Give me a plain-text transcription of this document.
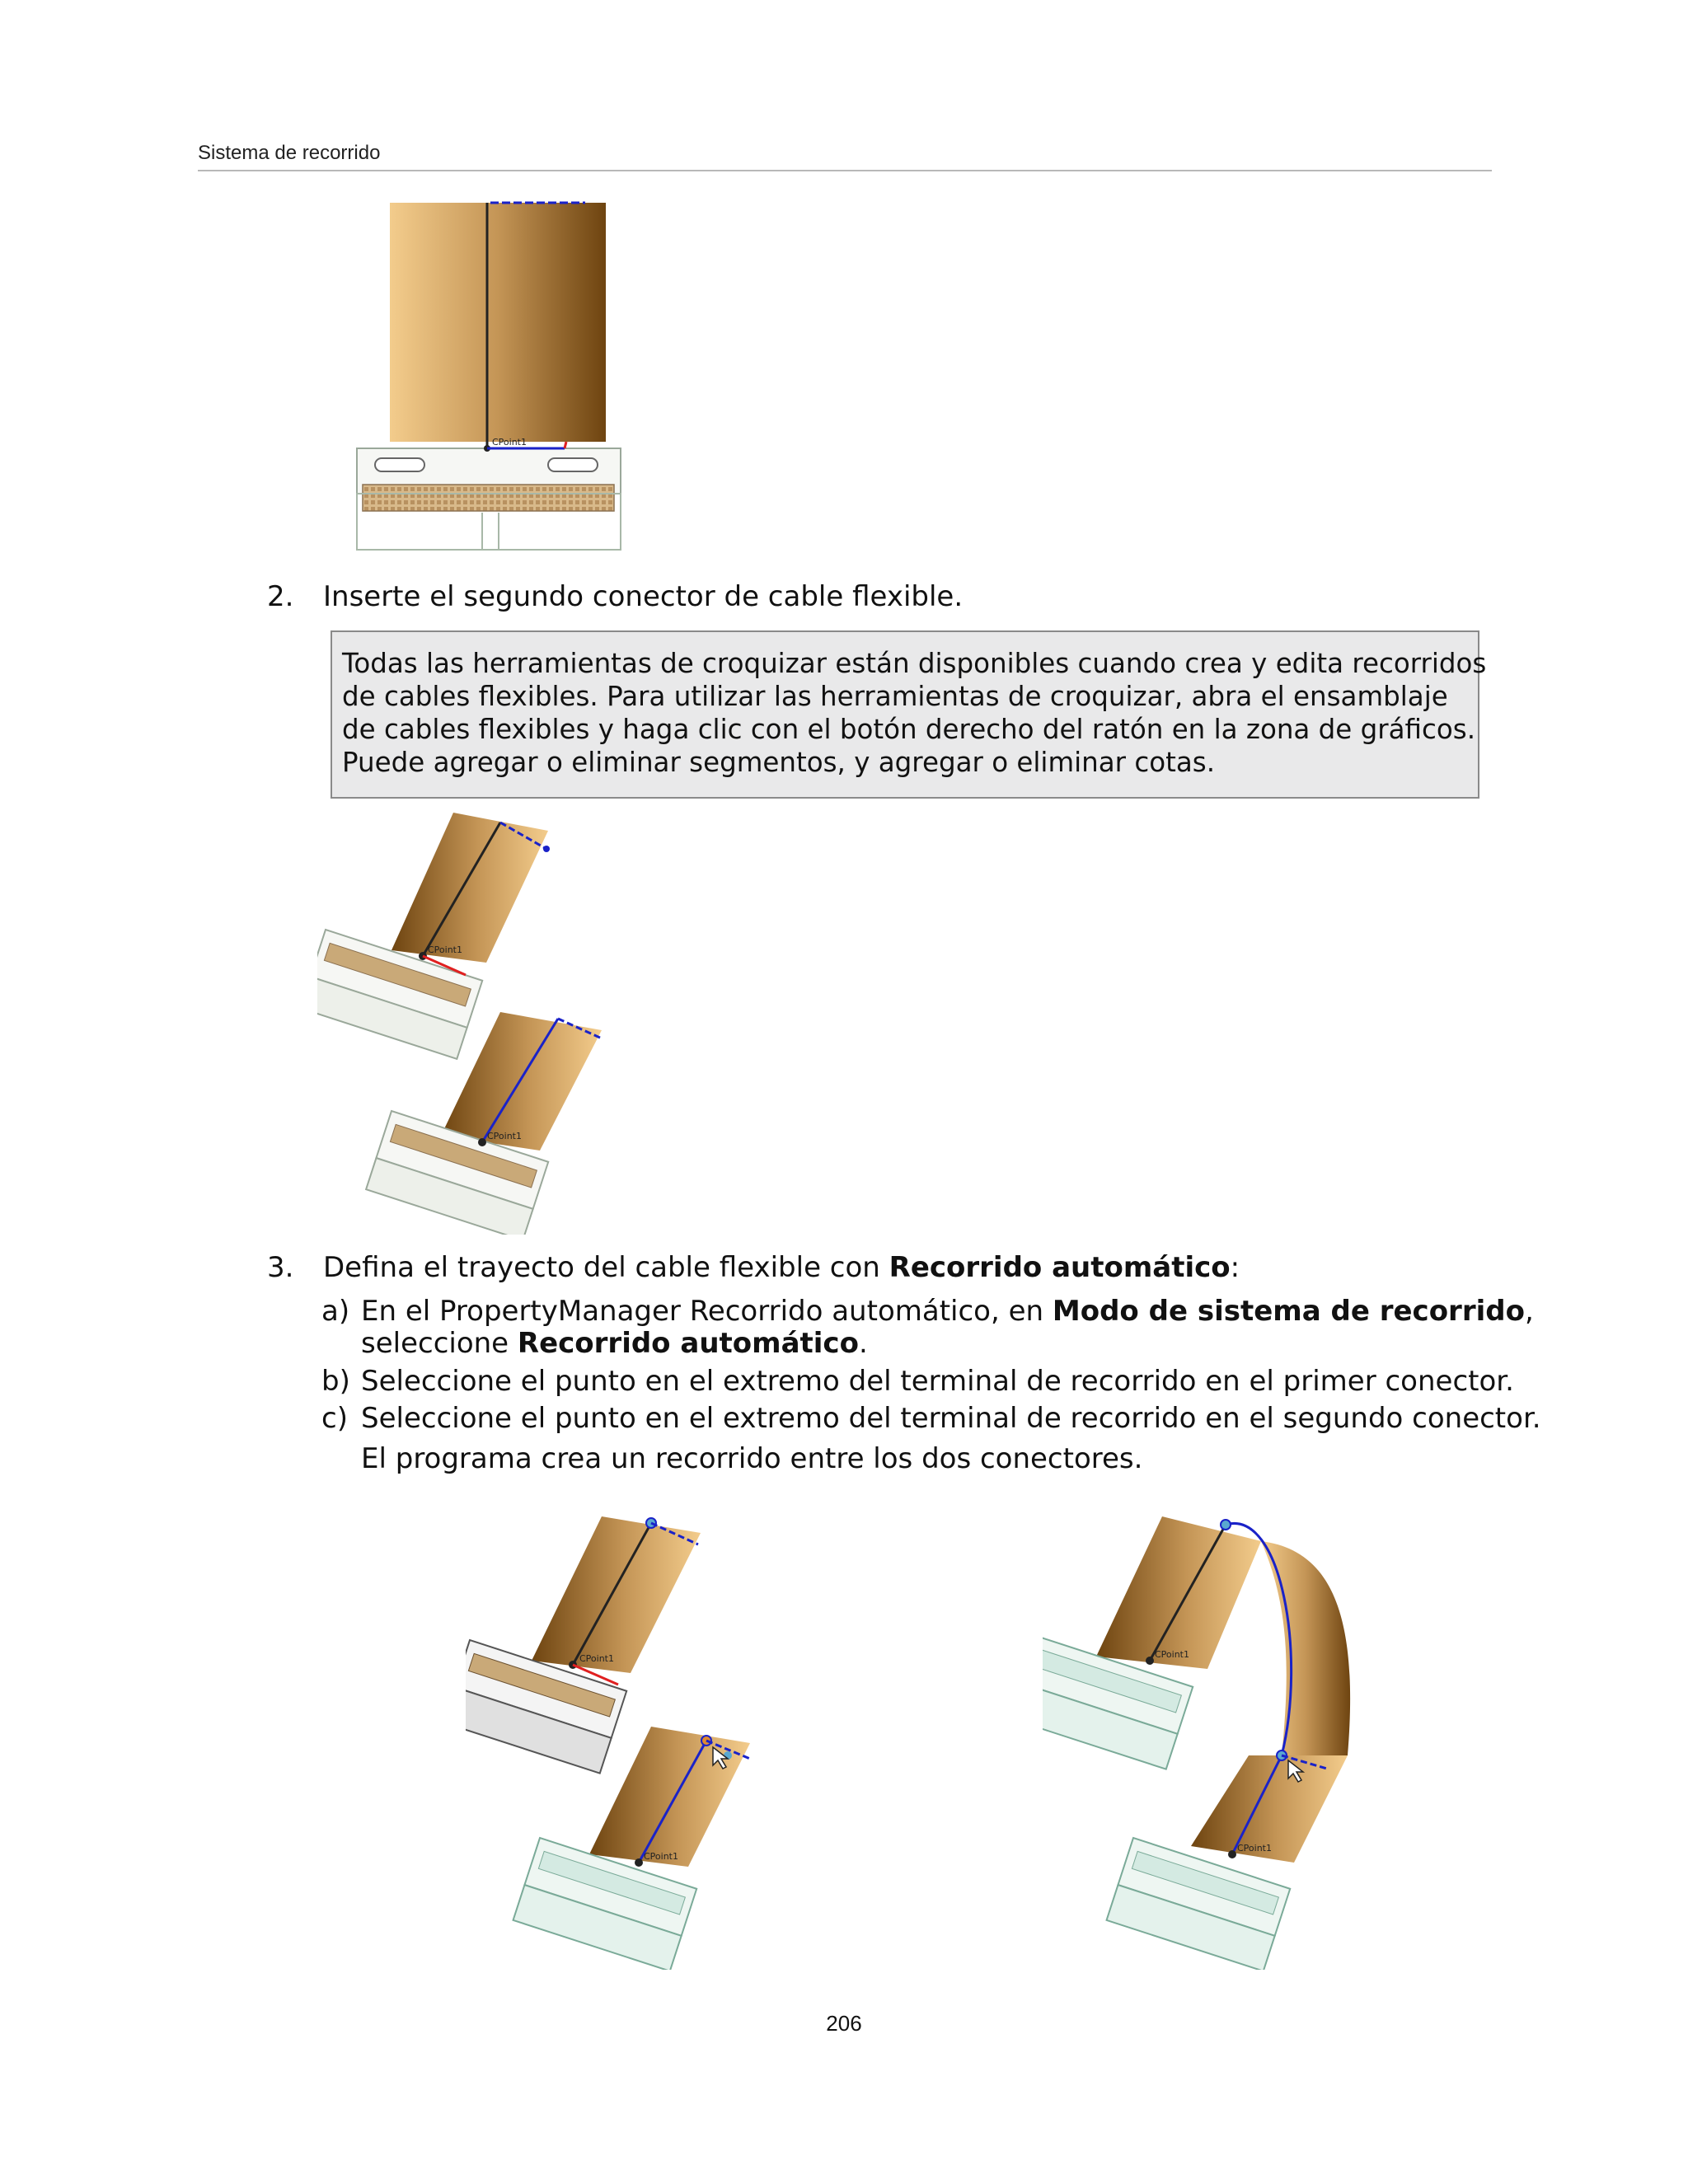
Sistema de recorrido
CPoint1
2. Inserte el segundo conector de cable flexible.
Todas las herramientas de croquizar están disponibles cuando crea y edita recorridos
de cables flexibles. Para utilizar las herramientas de croquizar, abra el ensamblaje
de cables flexibles y haga clic con el botón derecho del ratón en la zona de gráficos.
Puede agregar o eliminar segmentos, y agregar o eliminar cotas.
CPoint1
CPoint1
3. Defina el trayecto del cable flexible con Recorrido automático:
a) En el PropertyManager Recorrido automático, en Modo de sistema de recorrido,
seleccione Recorrido automático.
b) Seleccione el punto en el extremo del terminal de recorrido en el primer conector.
c) Seleccione el punto en el extremo del terminal de recorrido en el segundo conector.
El programa crea un recorrido entre los dos conectores.
CPoint1
CPoint1
CPoint1
CPoint1
206
